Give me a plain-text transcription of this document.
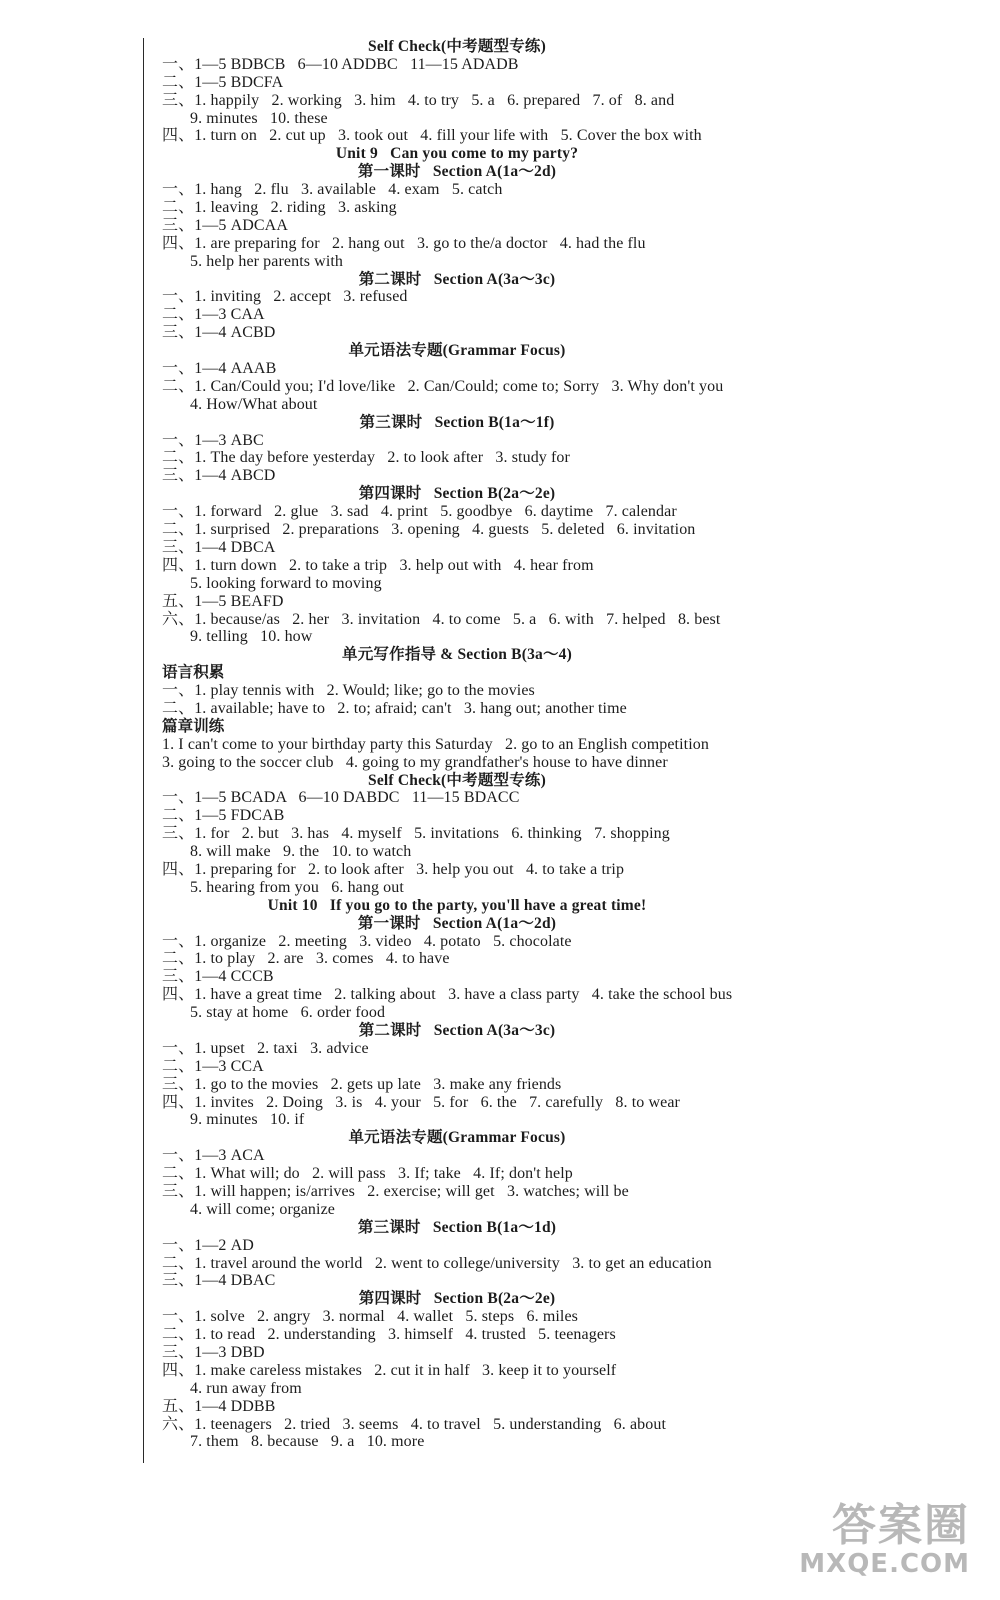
Self Check(中考题型专练)
一、1—5 BDBCB   6—10 ADDBC   11—15 ADADB
二、1—5 BDCFA
三、1. happily   2. working   3. him   4. to try   5. a   6. prepared   7. of   8. and
9. minutes   10. these
四、1. turn on   2. cut up   3. took out   4. fill your life with   5. Cover the box with
Unit 9   Can you come to my party?
第一课时   Section A(1a～2d)
一、1. hang   2. flu   3. available   4. exam   5. catch
二、1. leaving   2. riding   3. asking
三、1—5 ADCAA
四、1. are preparing for   2. hang out   3. go to the/a doctor   4. had the flu
5. help her parents with
第二课时   Section A(3a～3c)
一、1. inviting   2. accept   3. refused
二、1—3 CAA
三、1—4 ACBD
单元语法专题(Grammar Focus)
一、1—4 AAAB
二、1. Can/Could you; I'd love/like   2. Can/Could; come to; Sorry   3. Why don't you
4. How/What about
第三课时   Section B(1a～1f)
一、1—3 ABC
二、1. The day before yesterday   2. to look after   3. study for
三、1—4 ABCD
第四课时   Section B(2a～2e)
一、1. forward   2. glue   3. sad   4. print   5. goodbye   6. daytime   7. calendar
二、1. surprised   2. preparations   3. opening   4. guests   5. deleted   6. invitation
三、1—4 DBCA
四、1. turn down   2. to take a trip   3. help out with   4. hear from
5. looking forward to moving
五、1—5 BEAFD
六、1. because/as   2. her   3. invitation   4. to come   5. a   6. with   7. helped   8. best
9. telling   10. how
单元写作指导 & Section B(3a～4)
语言积累
一、1. play tennis with   2. Would; like; go to the movies
二、1. available; have to   2. to; afraid; can't   3. hang out; another time
篇章训练
1. I can't come to your birthday party this Saturday   2. go to an English competition
3. going to the soccer club   4. going to my grandfather's house to have dinner
Self Check(中考题型专练)
一、1—5 BCADA   6—10 DABDC   11—15 BDACC
二、1—5 FDCAB
三、1. for   2. but   3. has   4. myself   5. invitations   6. thinking   7. shopping
8. will make   9. the   10. to watch
四、1. preparing for   2. to look after   3. help you out   4. to take a trip
5. hearing from you   6. hang out
Unit 10   If you go to the party, you'll have a great time!
第一课时   Section A(1a～2d)
一、1. organize   2. meeting   3. video   4. potato   5. chocolate
二、1. to play   2. are   3. comes   4. to have
三、1—4 CCCB
四、1. have a great time   2. talking about   3. have a class party   4. take the school bus
5. stay at home   6. order food
第二课时   Section A(3a～3c)
一、1. upset   2. taxi   3. advice
二、1—3 CCA
三、1. go to the movies   2. gets up late   3. make any friends
四、1. invites   2. Doing   3. is   4. your   5. for   6. the   7. carefully   8. to wear
9. minutes   10. if
单元语法专题(Grammar Focus)
一、1—3 ACA
二、1. What will; do   2. will pass   3. If; take   4. If; don't help
三、1. will happen; is/arrives   2. exercise; will get   3. watches; will be
4. will come; organize
第三课时   Section B(1a～1d)
一、1—2 AD
二、1. travel around the world   2. went to college/university   3. to get an education
三、1—4 DBAC
第四课时   Section B(2a～2e)
一、1. solve   2. angry   3. normal   4. wallet   5. steps   6. miles
二、1. to read   2. understanding   3. himself   4. trusted   5. teenagers
三、1—3 DBD
四、1. make careless mistakes   2. cut it in half   3. keep it to yourself
4. run away from
五、1—4 DDBB
六、1. teenagers   2. tried   3. seems   4. to travel   5. understanding   6. about
7. them   8. because   9. a   10. more
答案圈
MXQE.COM
